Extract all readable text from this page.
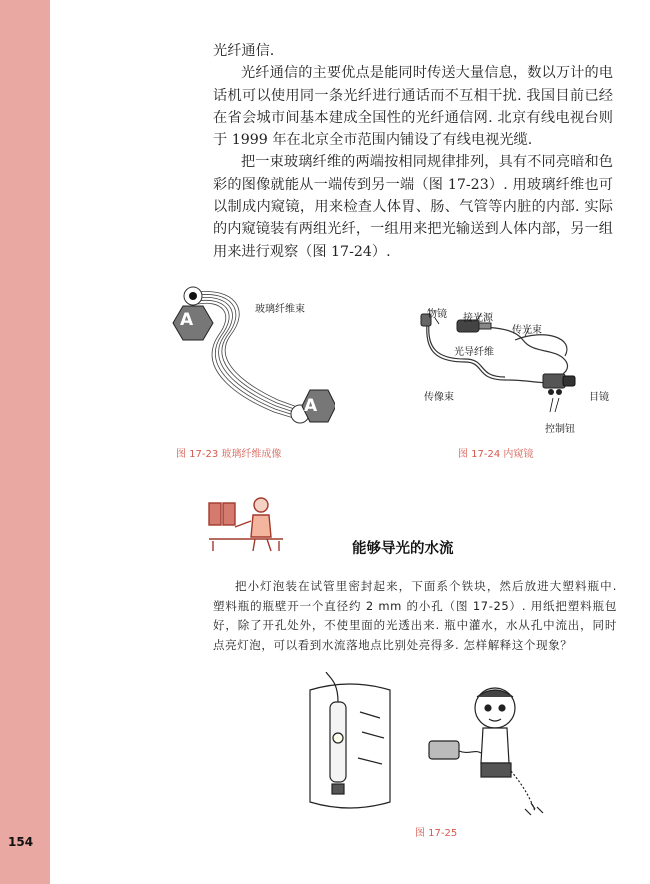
154

光纤通信.

光纤通信的主要优点是能同时传送大量信息，数以万计的电话机可以使用同一条光纤进行通话而不互相干扰. 我国目前已经在省会城市间基本建成全国性的光纤通信网. 北京有线电视台则于 1999 年在北京全市范围内铺设了有线电视光缆.

把一束玻璃纤维的两端按相同规律排列，具有不同亮暗和色彩的图像就能从一端传到另一端（图 17-23）. 用玻璃纤维也可以制成内窥镜，用来检查人体胃、肠、气管等内脏的内部. 实际的内窥镜装有两组光纤，一组用来把光输送到人体内部，另一组用来进行观察（图 17-24）.

A
A
玻璃纤维束
图 17-23 玻璃纤维成像
物镜 接光源
传光束
光导纤维
传像束	目镜
控制钮
图 17-24 内窥镜
能够导光的水流

把小灯泡装在试管里密封起来，下面系个铁块，然后放进大塑料瓶中. 塑料瓶的瓶壁开一个直径约 2 mm 的小孔（图 17-25）. 用纸把塑料瓶包好，除了开孔处外，不使里面的光透出来. 瓶中灌水，水从孔中流出，同时点亮灯泡，可以看到水流落地点比别处亮得多. 怎样解释这个现象？

图 17-25
